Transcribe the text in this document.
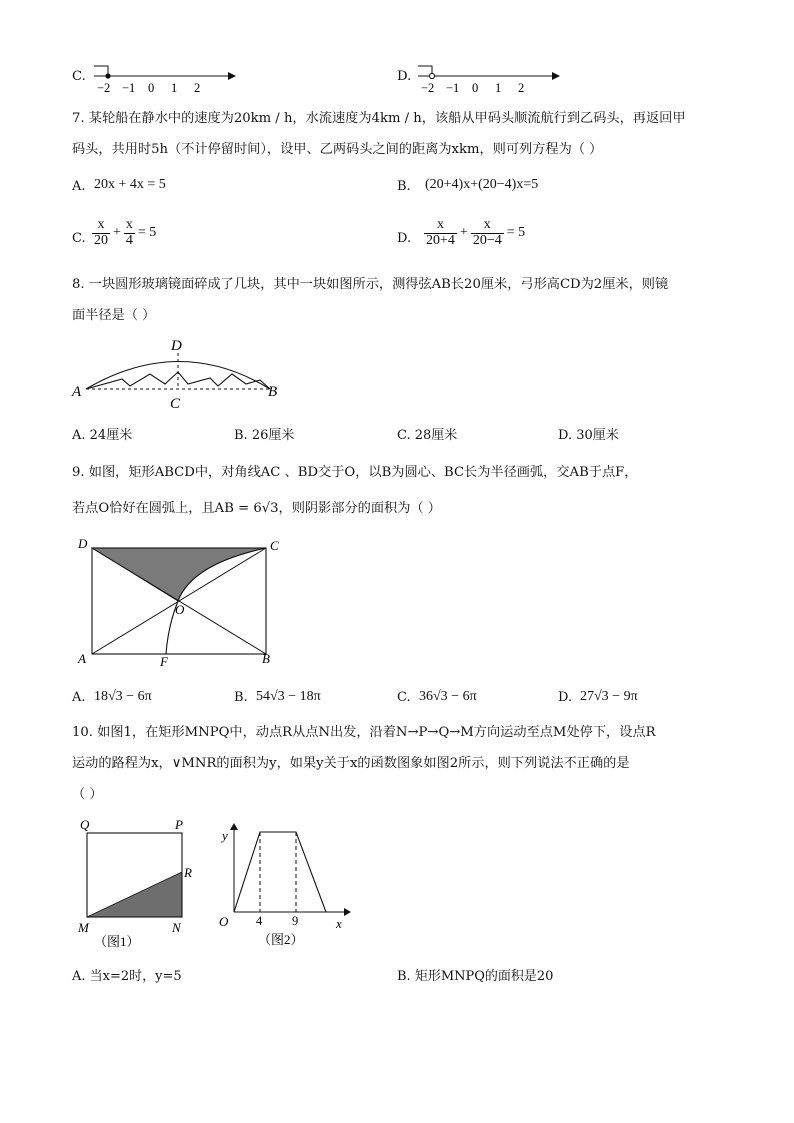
C.
−2 −1 0 1 2
D.
−2 −1 0 1 2
7. 某轮船在静水中的速度为20km / h，水流速度为4km / h，该船从甲码头顺流航行到乙码头，再返回甲
码头，共用时5h（不计停留时间），设甲、乙两码头之间的距离为xkm，则可列方程为（ ）
A. 20x + 4x = 5	B. (20+4)x+(20−4)x=5
C. $\frac{x}{20} + \frac{x}{4} = 5$	D. $\frac{x}{20+4} + \frac{x}{20-4} = 5$
8. 一块圆形玻璃镜面碎成了几块，其中一块如图所示，测得弦AB长20厘米，弓形高CD为2厘米，则镜
面半径是（ ）
A	B
C
D
A. 24厘米	B. 26厘米	C. 28厘米	D. 30厘米
9. 如图，矩形ABCD中，对角线AC 、BD交于O，以B为圆心、BC长为半径画弧，交AB于点F，
若点O恰好在圆弧上，且AB = 6√3，则阴影部分的面积为（ ）
D	C
A	B
O
F
A. 18√3 − 6π	B. 54√3 − 18π	C. 36√3 − 6π	D. 27√3 − 9π
10. 如图1，在矩形MNPQ中，动点R从点N出发，沿着N→P→Q→M方向运动至点M处停下，设点R
运动的路程为x，∨MNR的面积为y，如果y关于x的函数图象如图2所示，则下列说法不正确的是
（ ）
Q	P
R
M	N
（图1）
y
x
O 4 9
（图2）
A. 当x=2时，y=5	B. 矩形MNPQ的面积是20
